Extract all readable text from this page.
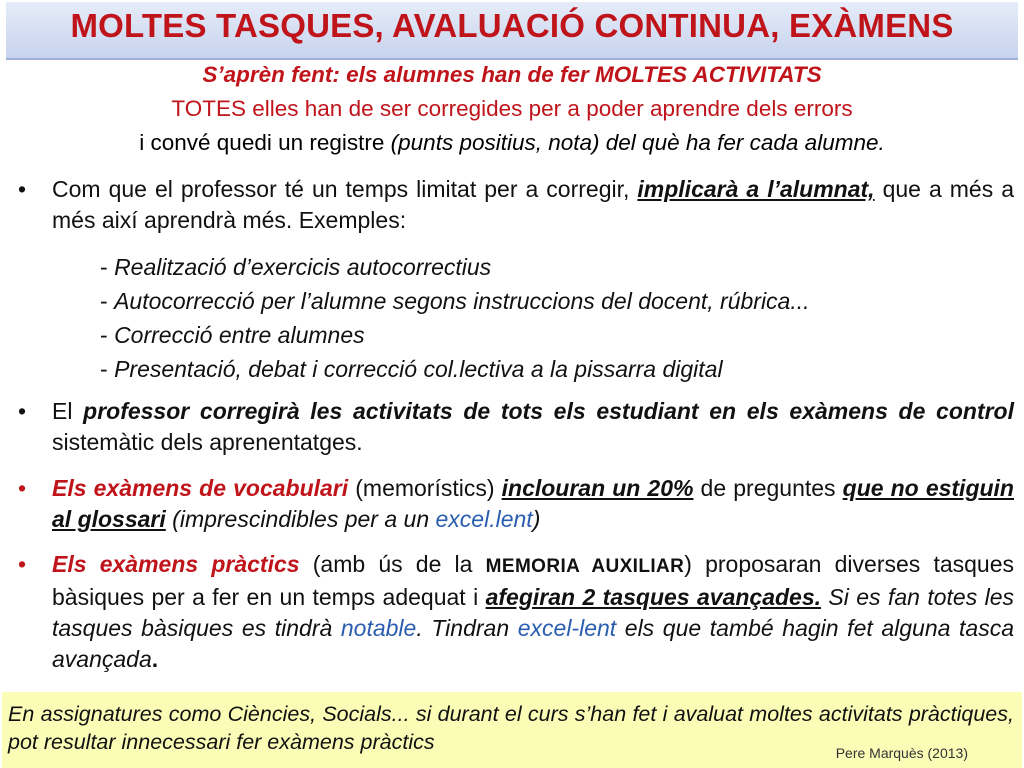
MOLTES TASQUES, AVALUACIÓ CONTINUA, EXÀMENS
S’aprèn fent: els alumnes han de fer MOLTES ACTIVITATS
TOTES elles han de ser corregides per a poder aprendre dels errors
i convé quedi un registre (punts positius, nota) del què ha fer cada alumne.
• Com que el professor té un temps limitat per a corregir, implicarà a l’alumnat, que a més a més així aprendrà més. Exemples:
- Realització d’exercicis autocorrectius
- Autocorrecció per l’alumne segons instruccions del docent, rúbrica...
- Correcció entre alumnes
- Presentació, debat i correcció col.lectiva a la pissarra digital
• El professor corregirà les activitats de tots els estudiant en els exàmens de control sistemàtic dels aprenentatges.
• Els exàmens de vocabulari (memorístics) inclouran un 20% de preguntes que no estiguin al glossari (imprescindibles per a un excel.lent)
• Els exàmens pràctics (amb ús de la MEMORIA AUXILIAR) proposaran diverses tasques bàsiques per a fer en un temps adequat i afegiran 2 tasques avançades. Si es fan totes les tasques bàsiques es tindrà notable. Tindran excel-lent els que també hagin fet alguna tasca avançada.
En assignatures como Ciències, Socials... si durant el curs s’han fet i avaluat moltes activitats pràctiques, pot resultar innecessari fer exàmens pràctics	Pere Marquès (2013)
